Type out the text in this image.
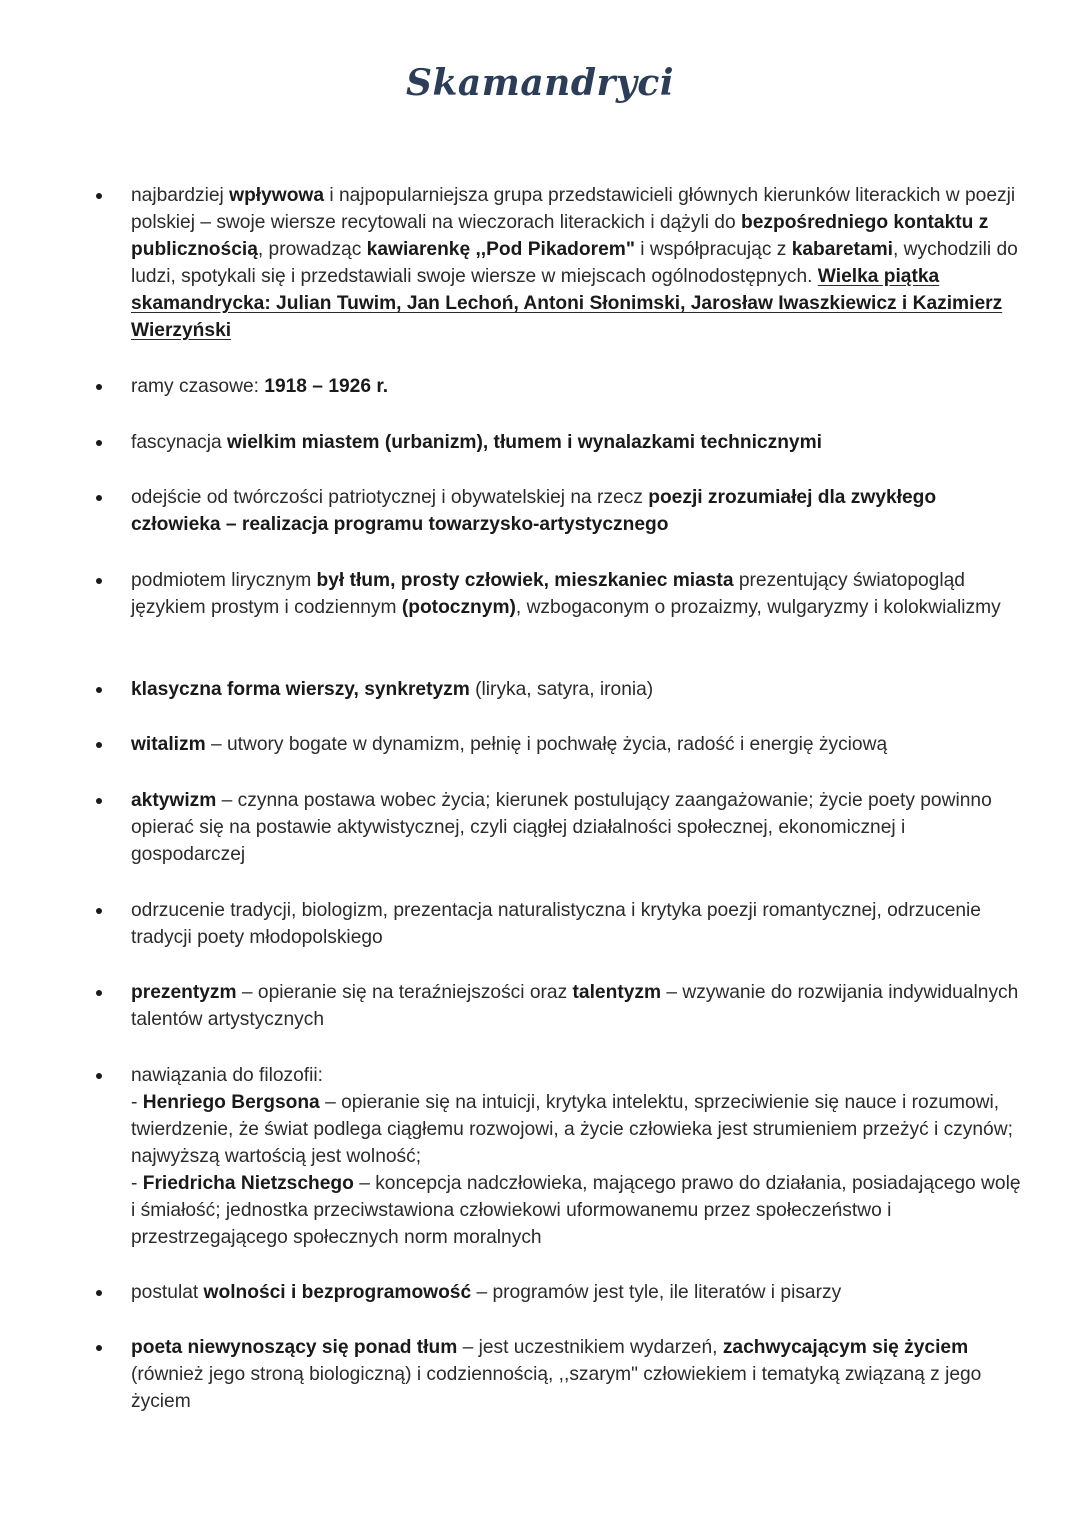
Skamandryci
najbardziej wpływowa i najpopularniejsza grupa przedstawicieli głównych kierunków literackich w poezji polskiej – swoje wiersze recytowali na wieczorach literackich i dążyli do bezpośredniego kontaktu z publicznością, prowadząc kawiarenkę ,,Pod Pikadorem" i współpracując z kabaretami, wychodzili do ludzi, spotykali się i przedstawiali swoje wiersze w miejscach ogólnodostępnych. Wielka piątka skamandrycka: Julian Tuwim, Jan Lechoń, Antoni Słonimski, Jarosław Iwaszkiewicz i Kazimierz Wierzyński
ramy czasowe: 1918 – 1926 r.
fascynacja wielkim miastem (urbanizm), tłumem i wynalazkami technicznymi
odejście od twórczości patriotycznej i obywatelskiej na rzecz poezji zrozumiałej dla zwykłego człowieka – realizacja programu towarzysko-artystycznego
podmiotem lirycznym był tłum, prosty człowiek, mieszkaniec miasta prezentujący światopogląd językiem prostym i codziennym (potocznym), wzbogaconym o prozaizmy, wulgaryzmy i kolokwializmy
klasyczna forma wierszy, synkretyzm (liryka, satyra, ironia)
witalizm – utwory bogate w dynamizm, pełnię i pochwałę życia, radość i energię życiową
aktywizm – czynna postawa wobec życia; kierunek postulujący zaangażowanie; życie poety powinno opierać się na postawie aktywistycznej, czyli ciągłej działalności społecznej, ekonomicznej i gospodarczej
odrzucenie tradycji, biologizm, prezentacja naturalistyczna i krytyka poezji romantycznej, odrzucenie tradycji poety młodopolskiego
prezentyzm – opieranie się na teraźniejszości oraz talentyzm – wzywanie do rozwijania indywidualnych talentów artystycznych
nawiązania do filozofii:
- Henriego Bergsona – opieranie się na intuicji, krytyka intelektu, sprzeciwienie się nauce i rozumowi, twierdzenie, że świat podlega ciągłemu rozwojowi, a życie człowieka jest strumieniem przeżyć i czynów; najwyższą wartością jest wolność;
- Friedricha Nietzschego – koncepcja nadczłowieka, mającego prawo do działania, posiadającego wolę i śmiałość; jednostka przeciwstawiona człowiekowi uformowanemu przez społeczeństwo i przestrzegającego społecznych norm moralnych
postulat wolności i bezprogramowość – programów jest tyle, ile literatów i pisarzy
poeta niewynoszący się ponad tłum – jest uczestnikiem wydarzeń, zachwycającym się życiem (również jego stroną biologiczną) i codziennością, ,,szarym" człowiekiem i tematyką związaną z jego życiem
